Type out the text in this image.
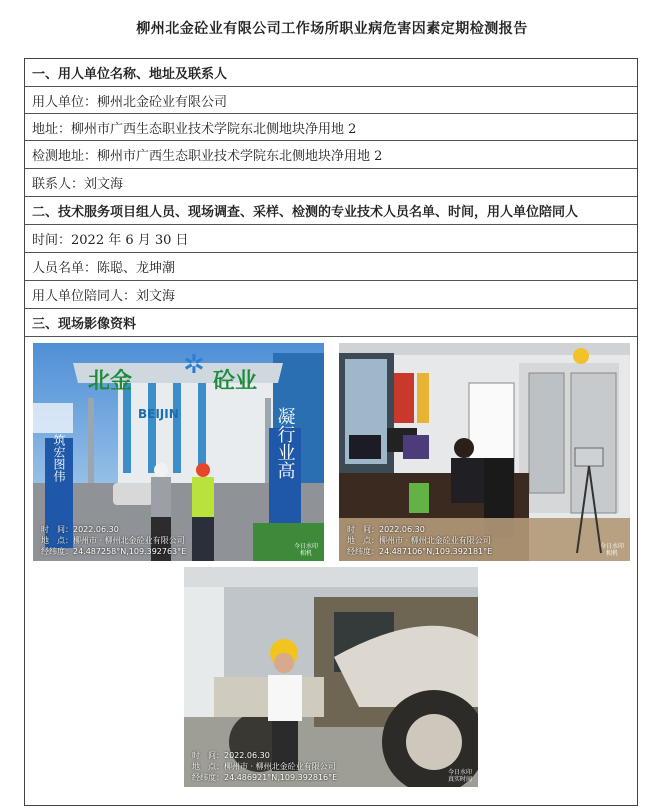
柳州北金砼业有限公司工作场所职业病危害因素定期检测报告
一、用人单位名称、地址及联系人
用人单位：柳州北金砼业有限公司
地址：柳州市广西生态职业技术学院东北侧地块净用地 2
检测地址：柳州市广西生态职业技术学院东北侧地块净用地 2
联系人：刘文海
二、技术服务项目组人员、现场调查、采样、检测的专业技术人员名单、时间，用人单位陪同人
时间：2022 年 6 月 30 日
人员名单：陈聪、龙坤潮
用人单位陪同人：刘文海
三、现场影像资料
北金
✲
砼业
BEIJIN
筑宏图伟	凝行业高
时　间：2022.06.30
地　点：柳州市 · 柳州北金砼业有限公司
经纬度：24.487258°N,109.392763°E
今日水印
相机
时　间：2022.06.30
地　点：柳州市 · 柳州北金砼业有限公司
经纬度：24.487106°N,109.392181°E
今日水印
相机
时　间：2022.06.30
地　点：柳州市 · 柳州北金砼业有限公司
经纬度：24.486921°N,109.392816°E
今日水印
真实时间
